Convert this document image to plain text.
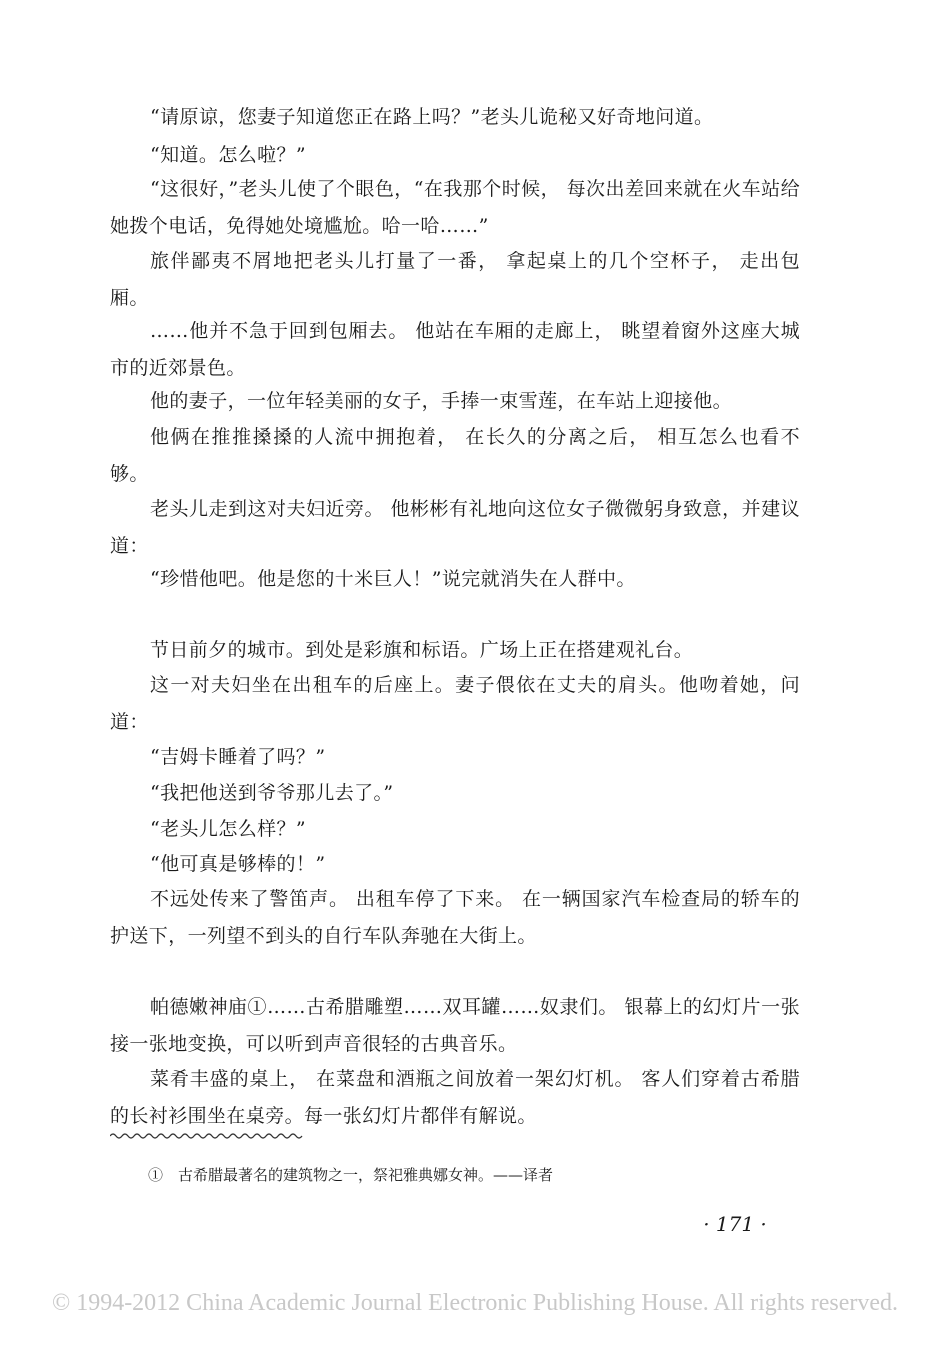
“请原谅，您妻子知道您正在路上吗？”老头儿诡秘又好奇地问道。

“知道。怎么啦？”

“这很好，”老头儿使了个眼色，“在我那个时候， 每次出差回来就在火车站给她拨个电话，免得她处境尴尬。哈一哈……”

旅伴鄙夷不屑地把老头儿打量了一番， 拿起桌上的几个空杯子， 走出包厢。

……他并不急于回到包厢去。 他站在车厢的走廊上， 眺望着窗外这座大城市的近郊景色。

他的妻子，一位年轻美丽的女子，手捧一束雪莲，在车站上迎接他。

他俩在推推搡搡的人流中拥抱着， 在长久的分离之后， 相互怎么也看不够。

老头儿走到这对夫妇近旁。 他彬彬有礼地向这位女子微微躬身致意，并建议道：

“珍惜他吧。他是您的十米巨人！”说完就消失在人群中。

节日前夕的城市。到处是彩旗和标语。广场上正在搭建观礼台。

这一对夫妇坐在出租车的后座上。妻子偎依在丈夫的肩头。他吻着她，问道：

“吉姆卡睡着了吗？”

“我把他送到爷爷那儿去了。”

“老头儿怎么样？”

“他可真是够棒的！”

不远处传来了警笛声。 出租车停了下来。 在一辆国家汽车检查局的轿车的护送下，一列望不到头的自行车队奔驰在大街上。

帕德嫩神庙①……古希腊雕塑……双耳罐……奴隶们。 银幕上的幻灯片一张接一张地变换，可以听到声音很轻的古典音乐。

菜肴丰盛的桌上， 在菜盘和酒瓶之间放着一架幻灯机。 客人们穿着古希腊的长衬衫围坐在桌旁。每一张幻灯片都伴有解说。

①　古希腊最著名的建筑物之一，祭祀雅典娜女神。——译者

· 171 ·
© 1994-2012 China Academic Journal Electronic Publishing House. All rights reserved.
